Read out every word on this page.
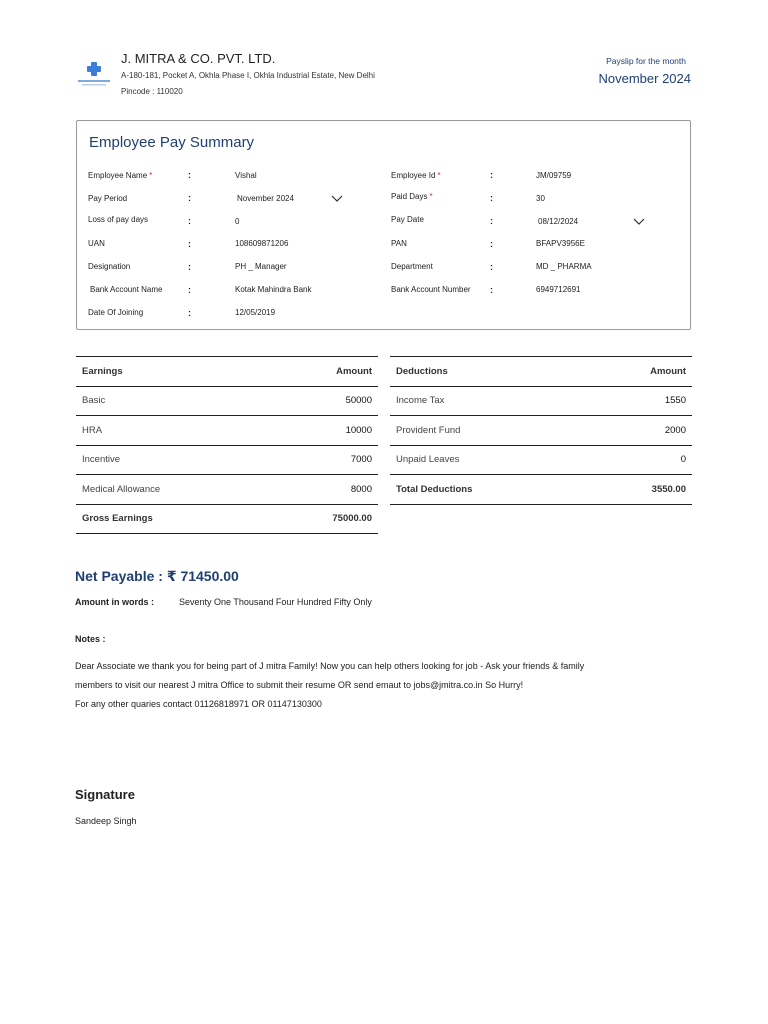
J. MITRA & CO. PVT. LTD.
A-180-181, Pocket A, Okhla Phase I, Okhla Industrial Estate, New Delhi
Pincode : 110020
Payslip for the month
November 2024
Employee Pay Summary
Employee Name *	:	Vishal
Pay Period	:	November 2024
Loss of pay days	:	0
UAN	:	108609871206
Designation	:	PH _ Manager
Bank Account Name	:	Kotak Mahindra Bank
Date Of Joining	:	12/05/2019
Employee Id *	:	JM/09759
Paid Days *	:	30
Pay Date	:	08/12/2024
PAN	:	BFAPV3956E
Department	:	MD _ PHARMA
Bank Account Number :	6949712691
Earnings	Amount
Basic	50000
HRA	10000
Incentive	7000
Medical Allowance	8000
Gross Earnings	75000.00
Deductions	Amount
Income Tax	1550
Provident Fund	2000
Unpaid Leaves	0
Total Deductions	3550.00
Net Payable : ₹ 71450.00
Amount in words :	Seventy One Thousand Four Hundred Fifty Only
Notes :
Dear Associate we thank you for being part of J mitra Family! Now you can help others looking for job - Ask your friends & family
members to visit our nearest J mitra Office to submit their resume OR send emaut to jobs@jmitra.co.in So Hurry!
For any other quaries contact 01126818971 OR 01147130300
Signature
Sandeep Singh
